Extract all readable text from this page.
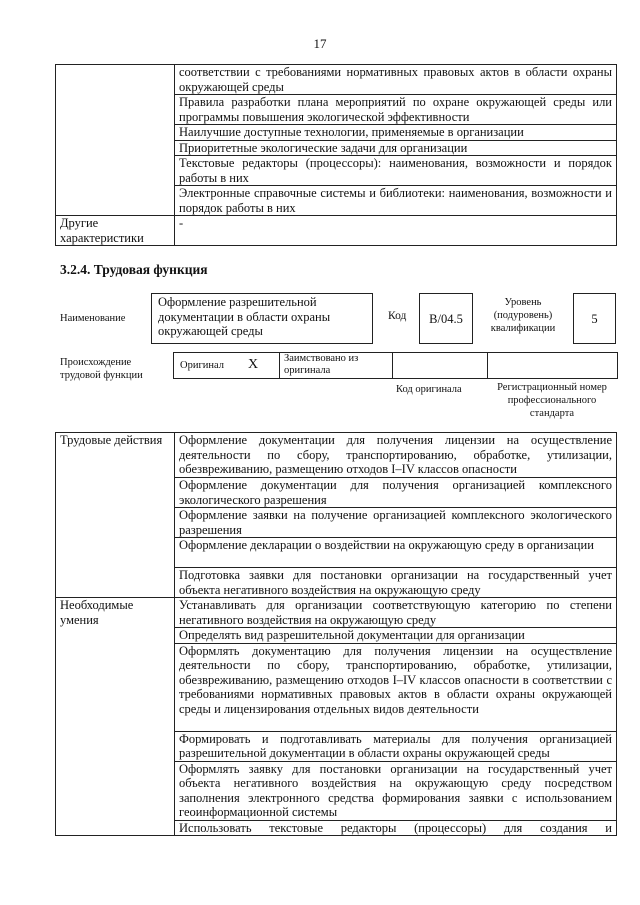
17
	соответствии с требованиями нормативных правовых актов в области охраны окружающей среды
	Правила разработки плана мероприятий по охране окружающей среды или программы повышения экологической эффективности
	Наилучшие доступные технологии, применяемые в организации
	Приоритетные экологические задачи для организации
	Текстовые редакторы (процессоры): наименования, возможности и порядок работы в них
	Электронные справочные системы и библиотеки: наименования, возможности и порядок работы в них
Другие характеристики	-
3.2.4. Трудовая функция
Наименование
Оформление разрешительной документации в области охраны окружающей среды
Код	B/04.5
Уровень (подуровень) квалификации
5
Происхождение трудовой функции
Оригинал X	Заимствовано из оригинала
Код оригинала	Регистрационный номер профессионального стандарта
Трудовые действия	Оформление документации для получения лицензии на осуществление деятельности по сбору, транспортированию, обработке, утилизации, обезвреживанию, размещению отходов I–IV классов опасности
	Оформление документации для получения организацией комплексного экологического разрешения
	Оформление заявки на получение организацией комплексного экологического разрешения
	Оформление декларации о воздействии на окружающую среду в организации
	Подготовка заявки для постановки организации на государственный учет объекта негативного воздействия на окружающую среду
Необходимые умения	Устанавливать для организации соответствующую категорию по степени негативного воздействия на окружающую среду
	Определять вид разрешительной документации для организации
	Оформлять документацию для получения лицензии на осуществление деятельности по сбору, транспортированию, обработке, утилизации, обезвреживанию, размещению отходов I–IV классов опасности в соответствии с требованиями нормативных правовых актов в области охраны окружающей среды и лицензирования отдельных видов деятельности
	Формировать и подготавливать материалы для получения организацией разрешительной документации в области охраны окружающей среды
	Оформлять заявку для постановки организации на государственный учет объекта негативного воздействия на окружающую среду посредством заполнения электронного средства формирования заявки с использованием геоинформационной системы
	Использовать текстовые редакторы (процессоры) для создания и
